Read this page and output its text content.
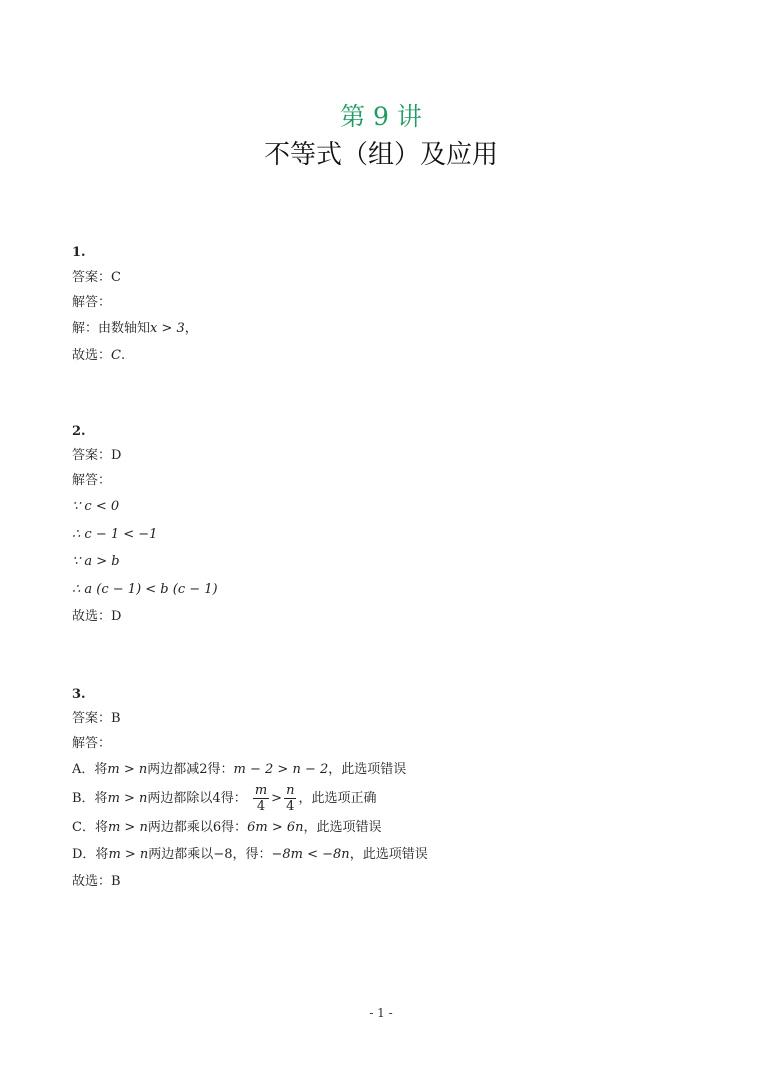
第 9 讲
不等式（组）及应用
1.
答案：C
解答：
解：由数轴知x > 3，
故选：C.
2.
答案：D
解答：
∵ c < 0
∴ c − 1 < −1
∵ a > b
∴ a (c − 1) < b (c − 1)
故选：D
3.
答案：B
解答：
A．将m > n两边都减2得：m − 2 > n − 2，此选项错误
B．将m > n两边都除以4得： $\frac{m}{4} > \frac{n}{4}$ ，此选项正确
C．将m > n两边都乘以6得：6m > 6n，此选项错误
D．将m > n两边都乘以−8，得：−8m < −8n，此选项错误
故选：B
- 1 -
